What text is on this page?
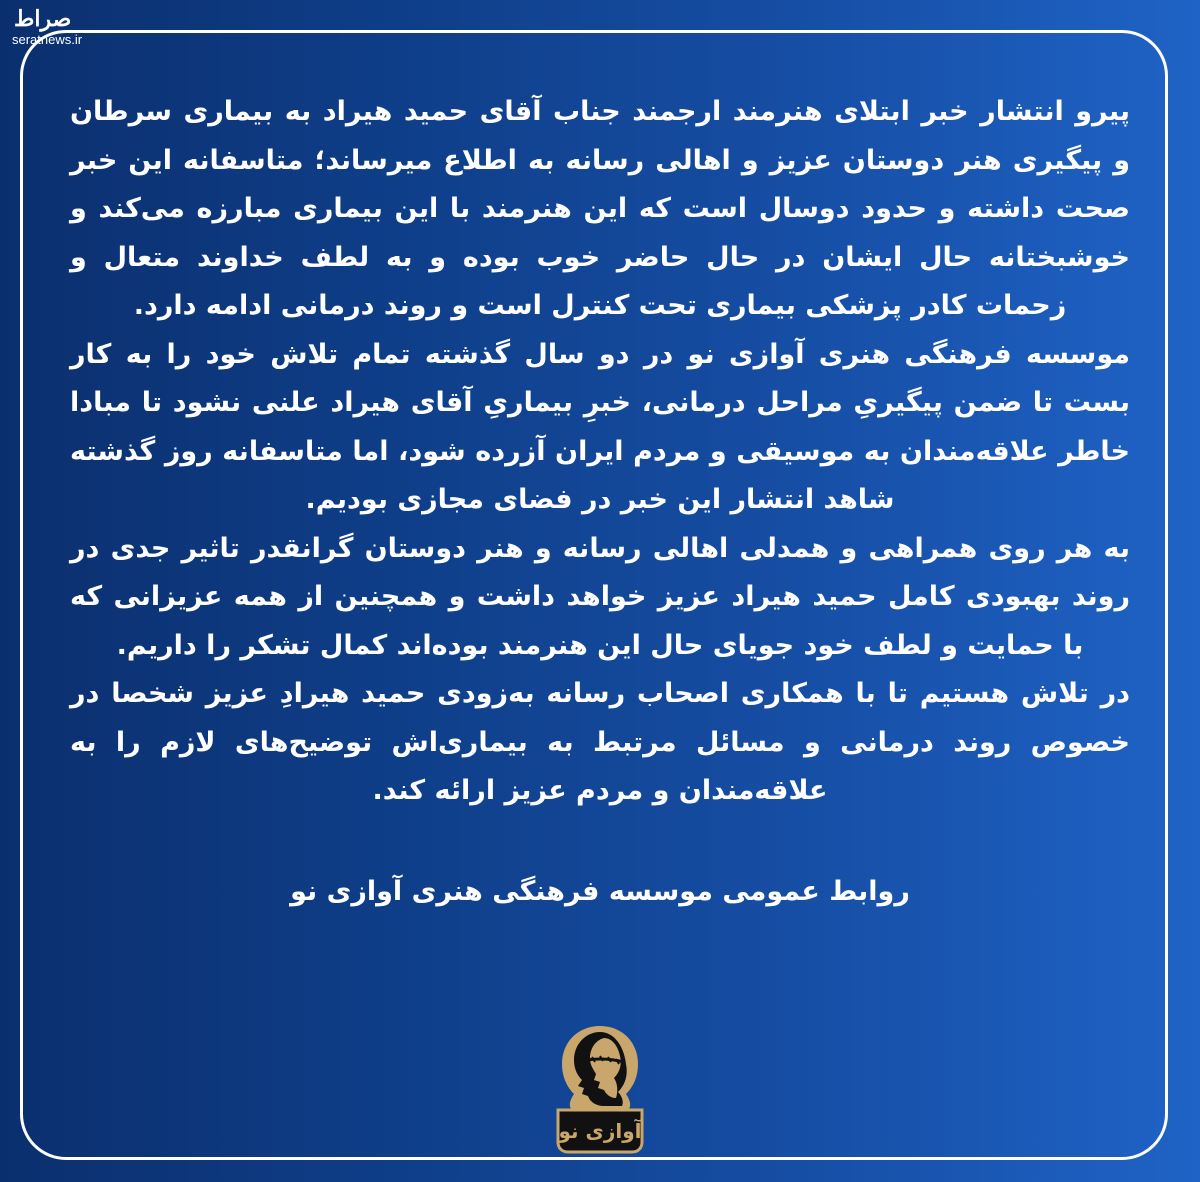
صراط
seratnews.ir

پیرو انتشار خبر ابتلای هنرمند ارجمند جناب آقای حمید هیراد به بیماری سرطان و پیگیری هنر دوستان عزیز و اهالی رسانه به اطلاع میرساند؛ متاسفانه این خبر صحت داشته و حدود دوسال است که این هنرمند با این بیماری مبارزه می‌کند و خوشبختانه حال ایشان در حال حاضر خوب بوده و به لطف خداوند متعال و زحمات کادر پزشکی بیماری تحت کنترل است و روند درمانی ادامه دارد.

موسسه فرهنگی هنری آوازی نو در دو سال گذشته تمام تلاش خود را به کار بست تا ضمن پیگیریِ مراحل درمانی، خبرِ بیماریِ آقای هیراد علنی نشود تا مبادا خاطر علاقه‌مندان به موسیقی و مردم ایران آزرده شود، اما متاسفانه روز گذشته شاهد انتشار این خبر در فضای مجازی بودیم.

به هر روی همراهی و همدلی اهالی رسانه و هنر دوستان گرانقدر تاثیر جدی در روند بهبودی کامل حمید هیراد عزیز خواهد داشت و همچنین از همه عزیزانی که با حمایت و لطف خود جویای حال این هنرمند بوده‌اند کمال تشکر را داریم.

در تلاش هستیم تا با همکاری اصحاب رسانه به‌زودی حمید هیرادِ عزیز شخصا در خصوص روند درمانی و مسائل مرتبط به بیماری‌اش توضیح‌های لازم را به علاقه‌مندان و مردم عزیز ارائه کند.

روابط عمومی موسسه فرهنگی هنری آوازی نو
آوازی نو
